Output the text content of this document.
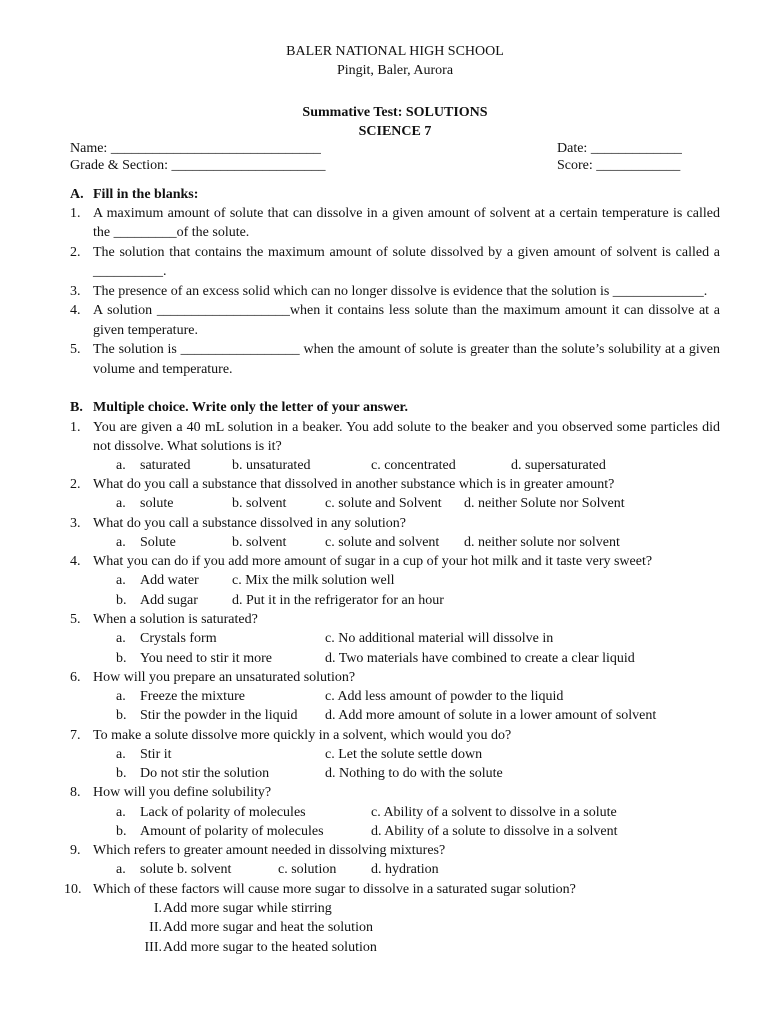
BALER NATIONAL HIGH SCHOOL
Pingit, Baler, Aurora
Summative Test: SOLUTIONS
SCIENCE 7
Name: ______________________________	Date: _____________
Grade & Section: ______________________	Score: ____________
A. Fill in the blanks:
1. A maximum amount of solute that can dissolve in a given amount of solvent at a certain temperature is called the _________of the solute.
2. The solution that contains the maximum amount of solute dissolved by a given amount of solvent is called a __________.
3. The presence of an excess solid which can no longer dissolve is evidence that the solution is _____________.
4. A solution ___________________when it contains less solute than the maximum amount it can dissolve at a given temperature.
5. The solution is _________________ when the amount of solute is greater than the solute’s solubility at a given volume and temperature.
B. Multiple choice. Write only the letter of your answer.
1. You are given a 40 mL solution in a beaker. You add solute to the beaker and you observed some particles did not dissolve. What solutions is it?
a. saturated	b. unsaturated	c. concentrated	d. supersaturated
2. What do you call a substance that dissolved in another substance which is in greater amount?
a. solute	b. solvent	c. solute and Solvent d. neither Solute nor Solvent
3. What do you call a substance dissolved in any solution?
a. Solute	b. solvent	c. solute and solvent d. neither solute nor solvent
4. What you can do if you add more amount of sugar in a cup of your hot milk and it taste very sweet?
a. Add water c. Mix the milk solution well
b. Add sugar d. Put it in the refrigerator for an hour
5. When a solution is saturated?
a. Crystals form	c. No additional material will dissolve in
b. You need to stir it more	d. Two materials have combined to create a clear liquid
6. How will you prepare an unsaturated solution?
a. Freeze the mixture	c. Add less amount of powder to the liquid
b. Stir the powder in the liquid d. Add more amount of solute in a lower amount of solvent
7. To make a solute dissolve more quickly in a solvent, which would you do?
a. Stir it	c. Let the solute settle down
b. Do not stir the solution	d. Nothing to do with the solute
8. How will you define solubility?
a. Lack of polarity of molecules	c. Ability of a solvent to dissolve in a solute
b. Amount of polarity of molecules	d. Ability of a solute to dissolve in a solvent
9. Which refers to greater amount needed in dissolving mixtures?
a. solute b. solvent	c. solution d. hydration
10. Which of these factors will cause more sugar to dissolve in a saturated sugar solution?
I. Add more sugar while stirring
II. Add more sugar and heat the solution
III. Add more sugar to the heated solution
